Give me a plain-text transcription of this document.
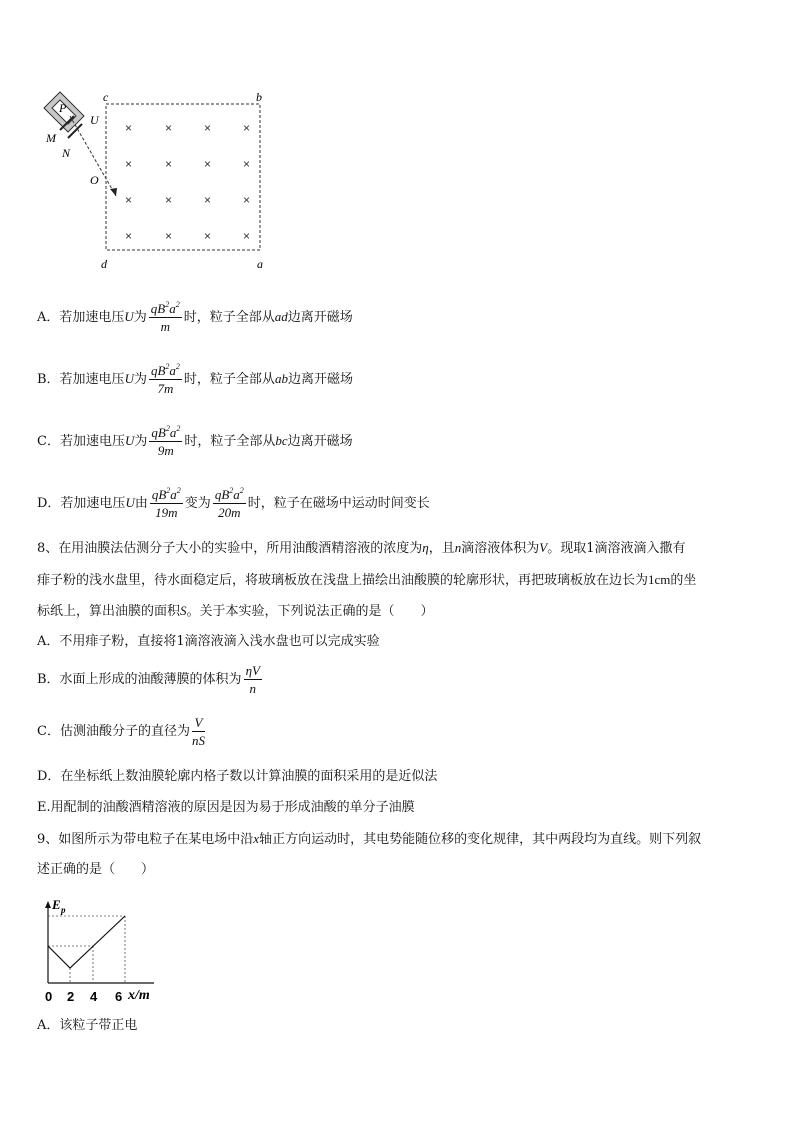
P
U
M
N
O
c	b
d	a
×	×	×	×
×	×	×	×
×	×	×	×
×	×	×	×
A．若加速电压U为 $\frac{qB^2a^2}{m}$ 时，粒子全部从ad边离开磁场
B．若加速电压U为 $\frac{qB^2a^2}{7m}$ 时，粒子全部从ab边离开磁场
C．若加速电压U为 $\frac{qB^2a^2}{9m}$ 时，粒子全部从bc边离开磁场
D．若加速电压U由 $\frac{qB^2a^2}{19m}$ 变为 $\frac{qB^2a^2}{20m}$ 时，粒子在磁场中运动时间变长
8、在用油膜法估测分子大小的实验中，所用油酸酒精溶液的浓度为η，且n滴溶液体积为V。现取1滴溶液滴入撒有
痱子粉的浅水盘里，待水面稳定后，将玻璃板放在浅盘上描绘出油酸膜的轮廓形状，再把玻璃板放在边长为1cm的坐
标纸上，算出油膜的面积S。关于本实验，下列说法正确的是（　　）
A．不用痱子粉，直接将1滴溶液滴入浅水盘也可以完成实验
B．水面上形成的油酸薄膜的体积为 $\frac{\eta V}{n}$
C．估测油酸分子的直径为 $\frac{V}{nS}$
D．在坐标纸上数油膜轮廓内格子数以计算油膜的面积采用的是近似法
E.用配制的油酸酒精溶液的原因是因为易于形成油酸的单分子油膜
9、如图所示为带电粒子在某电场中沿x轴正方向运动时，其电势能随位移的变化规律，其中两段均为直线。则下列叙
述正确的是（　　）
E p
0 2 4 6 x/m
A．该粒子带正电
